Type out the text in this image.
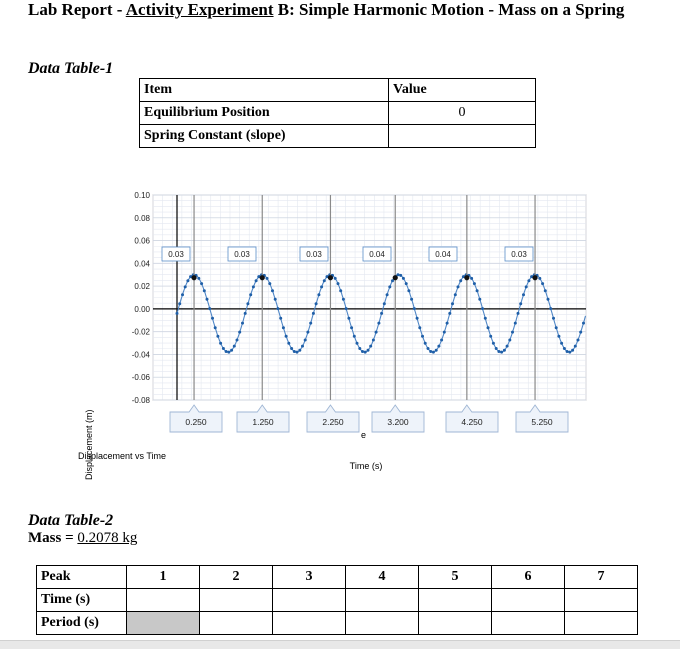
Lab Report - Activity Experiment B: Simple Harmonic Motion - Mass on a Spring
Data Table-1
Item	Value
Equilibrium Position	0
Spring Constant (slope)	
0.10
0.08
0.06
0.04
0.02
0.00
-0.02
-0.04
-0.06
-0.08
0.03	0.03	0.03	0.04	0.04	0.03
0.250	1.250	2.250	3.200	4.250	5.250
Displacement (m)
Displacement vs Time
e
Time (s)
Data Table-2
Mass = 0.2078 kg
Peak	1	2	3	4	5	6	7
Time (s)							
Period (s)							
